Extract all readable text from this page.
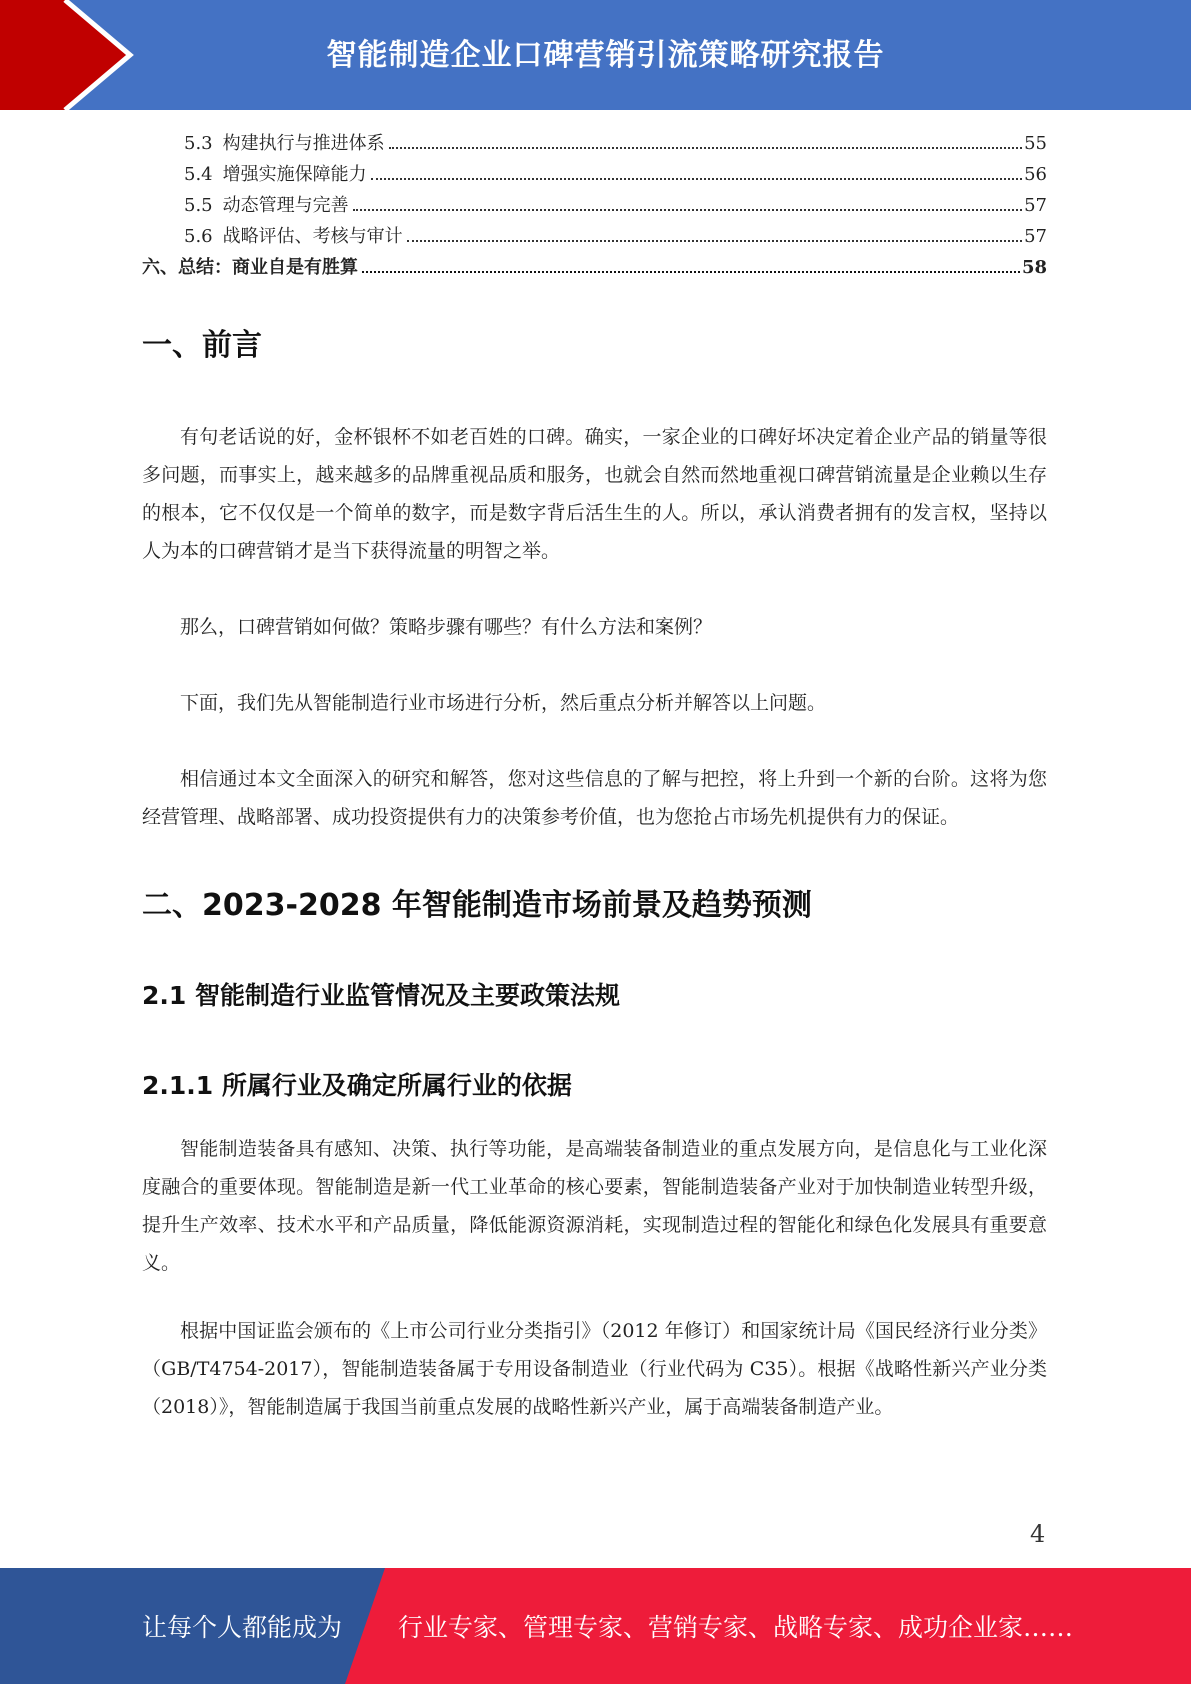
智能制造企业口碑营销引流策略研究报告
5.3 构建执行与推进体系	55
5.4 增强实施保障能力	56
5.5 动态管理与完善	57
5.6 战略评估、考核与审计	57
六、总结：商业自是有胜算	58
一、前言

有句老话说的好，金杯银杯不如老百姓的口碑。确实，一家企业的口碑好坏决定着企业产品的销量等很多问题，而事实上，越来越多的品牌重视品质和服务，也就会自然而然地重视口碑营销流量是企业赖以生存的根本，它不仅仅是一个简单的数字，而是数字背后活生生的人。所以，承认消费者拥有的发言权，坚持以人为本的口碑营销才是当下获得流量的明智之举。

那么，口碑营销如何做？策略步骤有哪些？有什么方法和案例？

下面，我们先从智能制造行业市场进行分析，然后重点分析并解答以上问题。

相信通过本文全面深入的研究和解答，您对这些信息的了解与把控，将上升到一个新的台阶。这将为您经营管理、战略部署、成功投资提供有力的决策参考价值，也为您抢占市场先机提供有力的保证。

二、2023-2028 年智能制造市场前景及趋势预测
2.1 智能制造行业监管情况及主要政策法规
2.1.1 所属行业及确定所属行业的依据

智能制造装备具有感知、决策、执行等功能，是高端装备制造业的重点发展方向，是信息化与工业化深度融合的重要体现。智能制造是新一代工业革命的核心要素，智能制造装备产业对于加快制造业转型升级，提升生产效率、技术水平和产品质量，降低能源资源消耗，实现制造过程的智能化和绿色化发展具有重要意义。

根据中国证监会颁布的《上市公司行业分类指引》（2012 年修订）和国家统计局《国民经济行业分类》（GB/T4754-2017），智能制造装备属于专用设备制造业（行业代码为 C35）。根据《战略性新兴产业分类（2018）》，智能制造属于我国当前重点发展的战略性新兴产业，属于高端装备制造产业。

4
让每个人都能成为 行业专家、管理专家、营销专家、战略专家、成功企业家……
